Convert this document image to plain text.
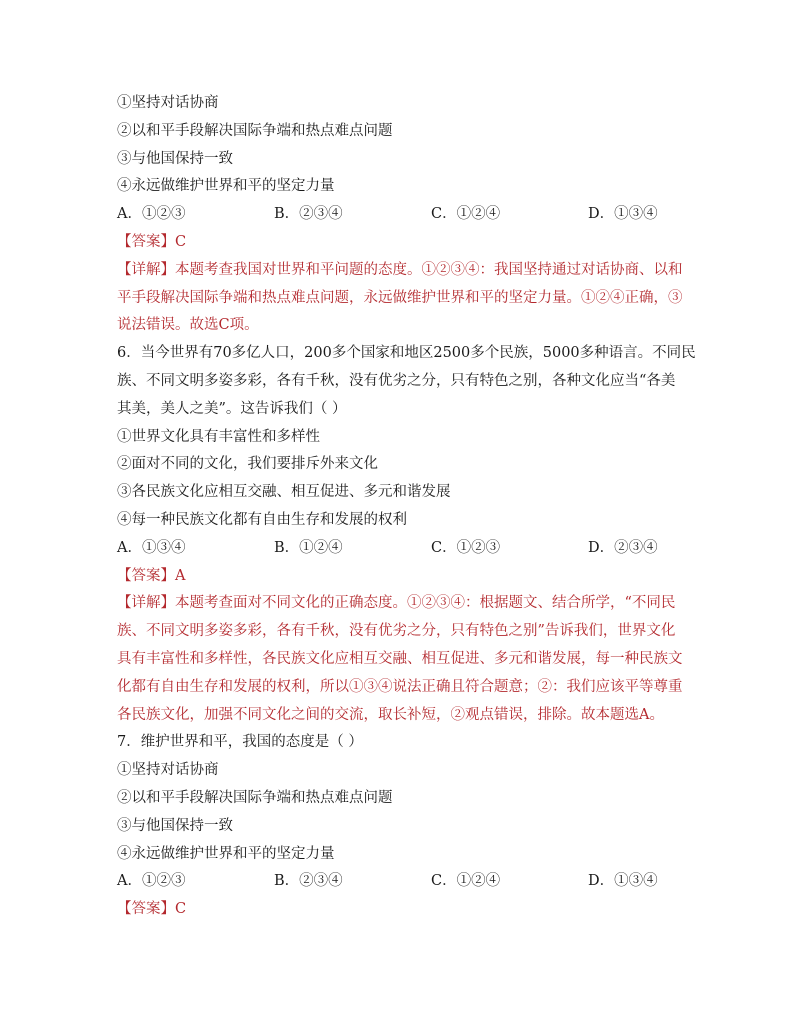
①坚持对话协商
②以和平手段解决国际争端和热点难点问题
③与他国保持一致
④永远做维护世界和平的坚定力量
A．①②③	B．②③④	C．①②④	D．①③④
【答案】C

【详解】本题考查我国对世界和平问题的态度。①②③④：我国坚持通过对话协商、以和

平手段解决国际争端和热点难点问题，永远做维护世界和平的坚定力量。①②④正确，③

说法错误。故选C项。

6．当今世界有70多亿人口，200多个国家和地区2500多个民族，5000多种语言。不同民
族、不同文明多姿多彩，各有千秋，没有优劣之分，只有特色之别，各种文化应当“各美
其美，美人之美”。这告诉我们（ ）
①世界文化具有丰富性和多样性
②面对不同的文化，我们要排斥外来文化
③各民族文化应相互交融、相互促进、多元和谐发展
④每一种民族文化都有自由生存和发展的权利
A．①③④	B．①②④	C．①②③	D．②③④
【答案】A

【详解】本题考查面对不同文化的正确态度。①②③④：根据题文、结合所学，“不同民

族、不同文明多姿多彩，各有千秋，没有优劣之分，只有特色之别”告诉我们，世界文化

具有丰富性和多样性，各民族文化应相互交融、相互促进、多元和谐发展，每一种民族文

化都有自由生存和发展的权利，所以①③④说法正确且符合题意；②：我们应该平等尊重

各民族文化，加强不同文化之间的交流，取长补短，②观点错误，排除。故本题选A。

7．维护世界和平，我国的态度是（ ）
①坚持对话协商
②以和平手段解决国际争端和热点难点问题
③与他国保持一致
④永远做维护世界和平的坚定力量
A．①②③	B．②③④	C．①②④	D．①③④
【答案】C
